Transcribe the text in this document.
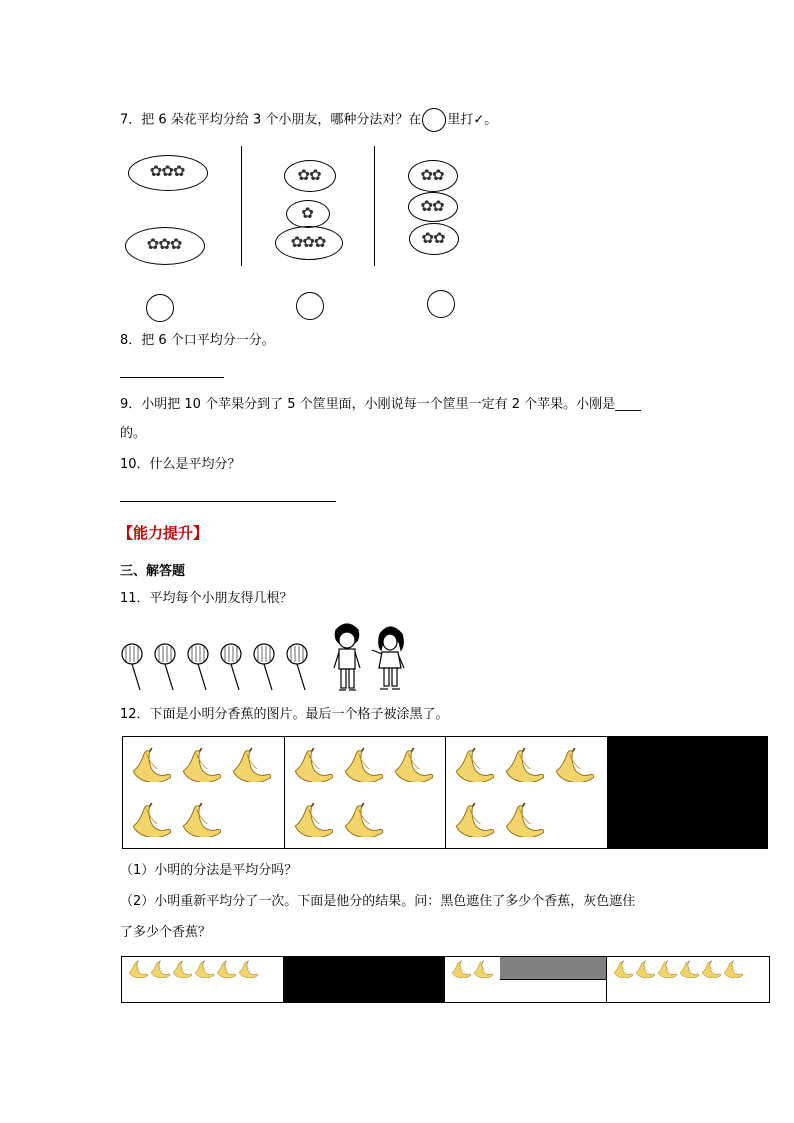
7．把 6 朵花平均分给 3 个小朋友，哪种分法对？在 里打✓。
✿✿✿
✿✿✿
✿✿
✿
✿✿✿
✿✿
✿✿
✿✿
8．把 6 个口平均分一分。
9．小明把 10 个苹果分到了 5 个筐里面，小刚说每一个筐里一定有 2 个苹果。小刚是____
的。
10．什么是平均分？
【能力提升】
三、解答题
11．平均每个小朋友得几根？
12．下面是小明分香蕉的图片。最后一个格子被涂黑了。
（1）小明的分法是平均分吗？
（2）小明重新平均分了一次。下面是他分的结果。问：黑色遮住了多少个香蕉，灰色遮住
了多少个香蕉？
